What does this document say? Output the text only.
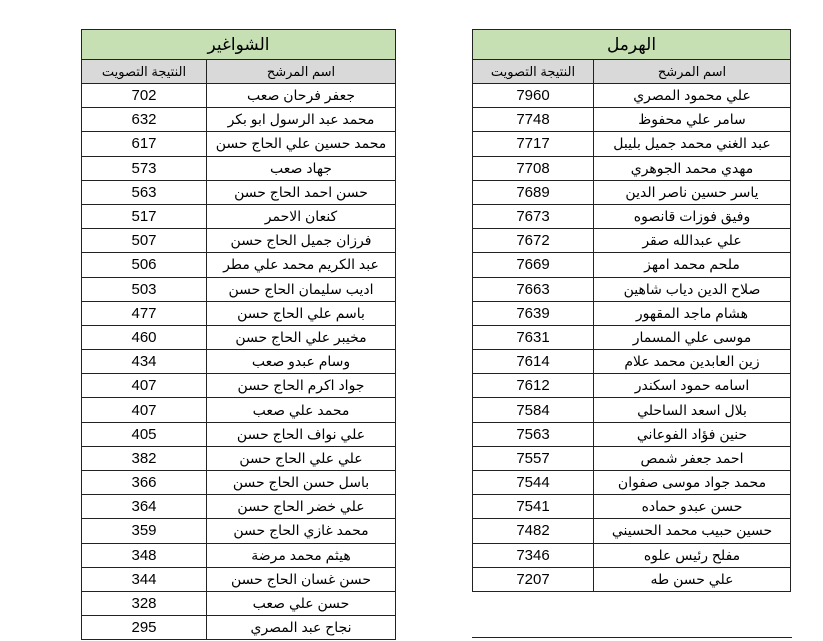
الشواغير	
النتيجة التصويت	اسم المرشح
702	جعفر فرحان صعب
632	محمد عبد الرسول ابو بكر
617	محمد حسين علي الحاج حسن
573	جهاد صعب
563	حسن احمد الحاج حسن
517	كنعان الاحمر
507	فرزان جميل الحاج حسن
506	عبد الكريم محمد علي مطر
503	اديب سليمان الحاج حسن
477	باسم علي الحاج حسن
460	مخيبر علي الحاج حسن
434	وسام عبدو صعب
407	جواد اكرم الحاج حسن
407	محمد علي صعب
405	علي نواف الحاج حسن
382	علي علي الحاج حسن
366	باسل حسن الحاج حسن
364	علي خضر الحاج حسن
359	محمد غازي الحاج حسن
348	هيثم محمد مرضة
344	حسن غسان الحاج حسن
328	حسن علي صعب
295	نجاح عبد المصري
الهرمل	
النتيجة التصويت	اسم المرشح
7960	علي محمود المصري
7748	سامر علي محفوظ
7717	عبد الغني محمد جميل بليبل
7708	مهدي محمد الجوهري
7689	ياسر حسين ناصر الدين
7673	وفيق فوزات قانصوه
7672	علي عبدالله صقر
7669	ملحم محمد امهز
7663	صلاح الدين دياب شاهين
7639	هشام ماجد المقهور
7631	موسى علي المسمار
7614	زين العابدين محمد علام
7612	اسامه حمود اسكندر
7584	بلال اسعد الساحلي
7563	حنين فؤاد الفوعاني
7557	احمد جعفر شمص
7544	محمد جواد موسى صفوان
7541	حسن عبدو حماده
7482	حسين حبيب محمد الحسيني
7346	مفلح رئيس علوه
7207	علي حسن طه
